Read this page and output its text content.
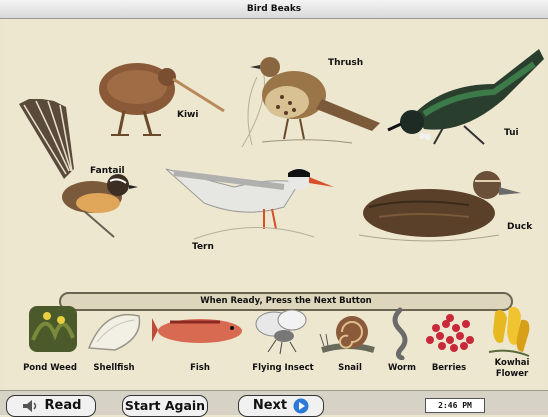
Bird Beaks
Kiwi
Thrush
Tui
Fantail
Tern
Duck
When Ready, Press the Next Button
Pond Weed Shellfish	Fish	Flying Insect	Snail	Worm Berries	Kowhai
Flower
Read	Start Again	Next	2:46 PM
